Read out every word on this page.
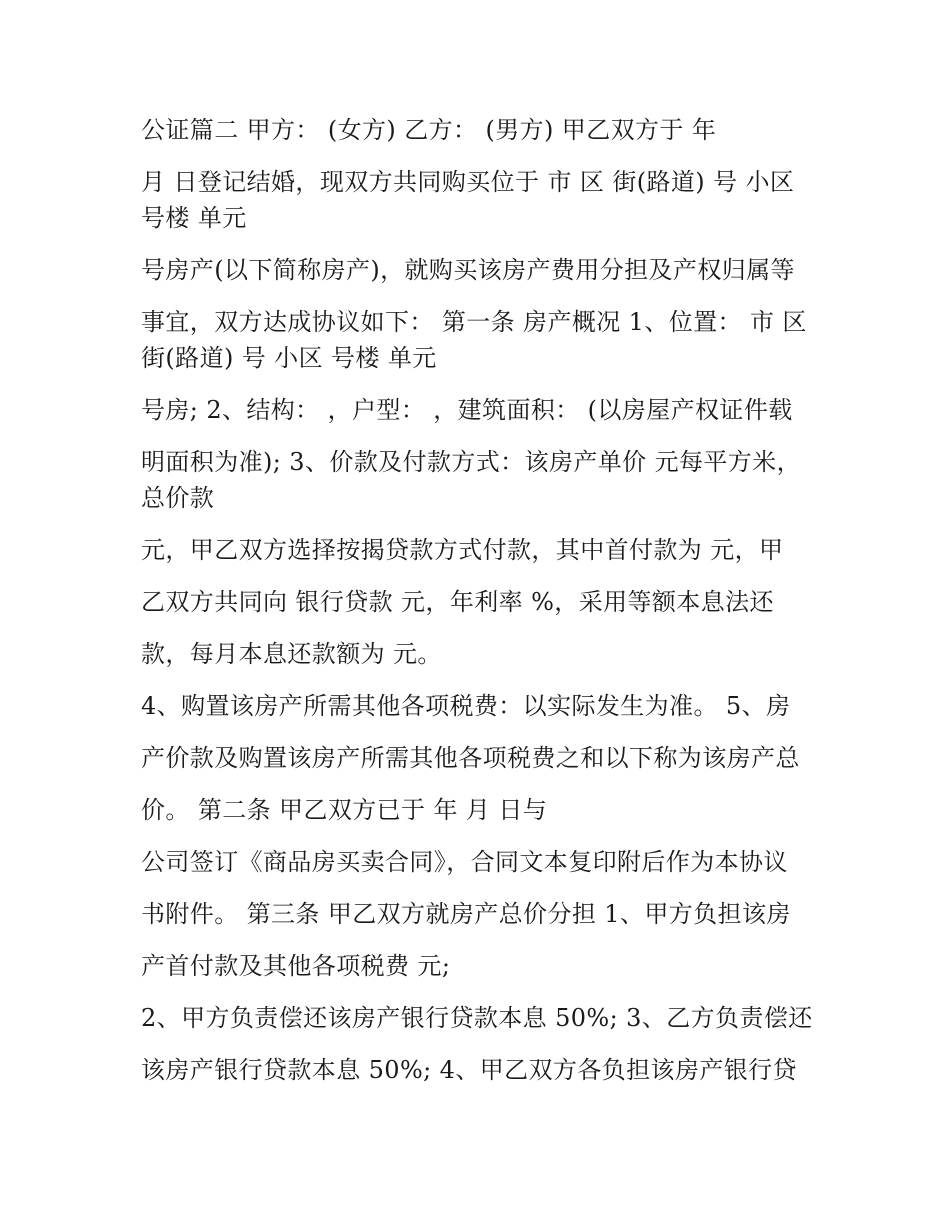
公证篇二 甲方： (女方) 乙方： (男方) 甲乙双方于 年
月 日登记结婚，现双方共同购买位于 市 区 街(路道) 号 小区
号楼 单元
号房产(以下简称房产)，就购买该房产费用分担及产权归属等
事宜，双方达成协议如下： 第一条 房产概况 1、位置： 市 区
街(路道) 号 小区 号楼 单元
号房; 2、结构： ，户型： ，建筑面积： (以房屋产权证件载
明面积为准); 3、价款及付款方式：该房产单价 元每平方米，
总价款
元，甲乙双方选择按揭贷款方式付款，其中首付款为 元，甲
乙双方共同向 银行贷款 元，年利率 %，采用等额本息法还
款，每月本息还款额为 元。
4、购置该房产所需其他各项税费：以实际发生为准。 5、房
产价款及购置该房产所需其他各项税费之和以下称为该房产总
价。 第二条 甲乙双方已于 年 月 日与
公司签订《商品房买卖合同》，合同文本复印附后作为本协议
书附件。 第三条 甲乙双方就房产总价分担 1、甲方负担该房
产首付款及其他各项税费 元;
2、甲方负责偿还该房产银行贷款本息 50%; 3、乙方负责偿还
该房产银行贷款本息 50%; 4、甲乙双方各负担该房产银行贷
